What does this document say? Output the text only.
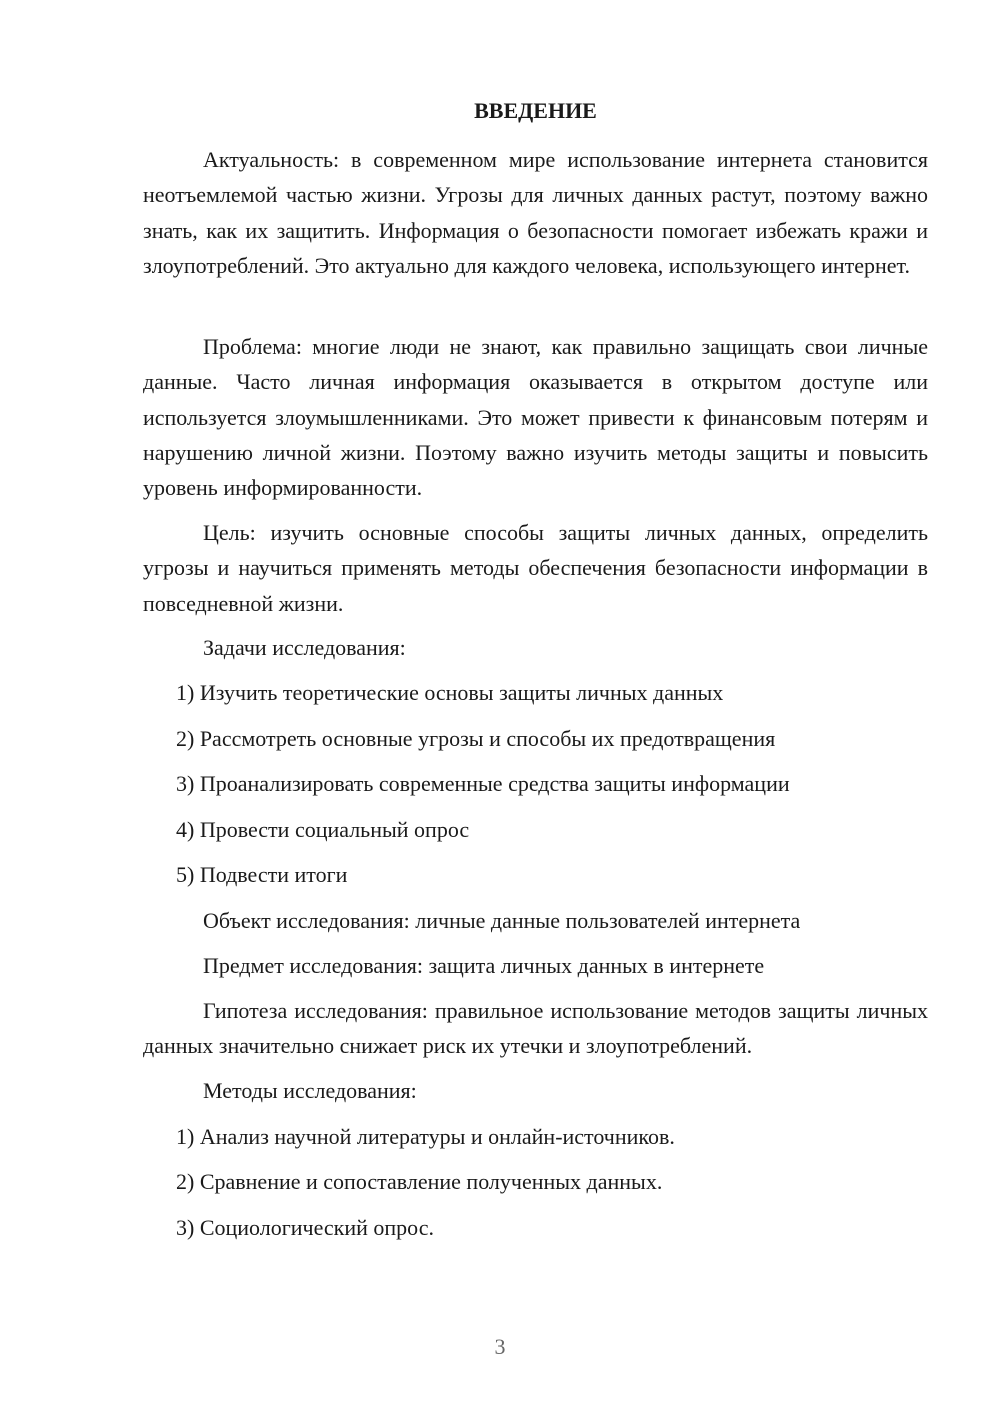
ВВЕДЕНИЕ

Актуальность: в современном мире использование интернета становится неотъемлемой частью жизни. Угрозы для личных данных растут, поэтому важно знать, как их защитить. Информация о безопасности помогает избежать кражи и злоупотреблений. Это актуально для каждого человека, использующего интернет.

Проблема: многие люди не знают, как правильно защищать свои личные данные. Часто личная информация оказывается в открытом доступе или используется злоумышленниками. Это может привести к финансовым потерям и нарушению личной жизни. Поэтому важно изучить методы защиты и повысить уровень информированности.

Цель: изучить основные способы защиты личных данных, определить угрозы и научиться применять методы обеспечения безопасности информации в повседневной жизни.

Задачи исследования:

1) Изучить теоретические основы защиты личных данных

2) Рассмотреть основные угрозы и способы их предотвращения

3) Проанализировать современные средства защиты информации

4) Провести социальный опрос

5) Подвести итоги

Объект исследования: личные данные пользователей интернета

Предмет исследования: защита личных данных в интернете

Гипотеза исследования: правильное использование методов защиты личных данных значительно снижает риск их утечки и злоупотреблений.

Методы исследования:

1) Анализ научной литературы и онлайн-источников.

2) Сравнение и сопоставление полученных данных.

3) Социологический опрос.

3
